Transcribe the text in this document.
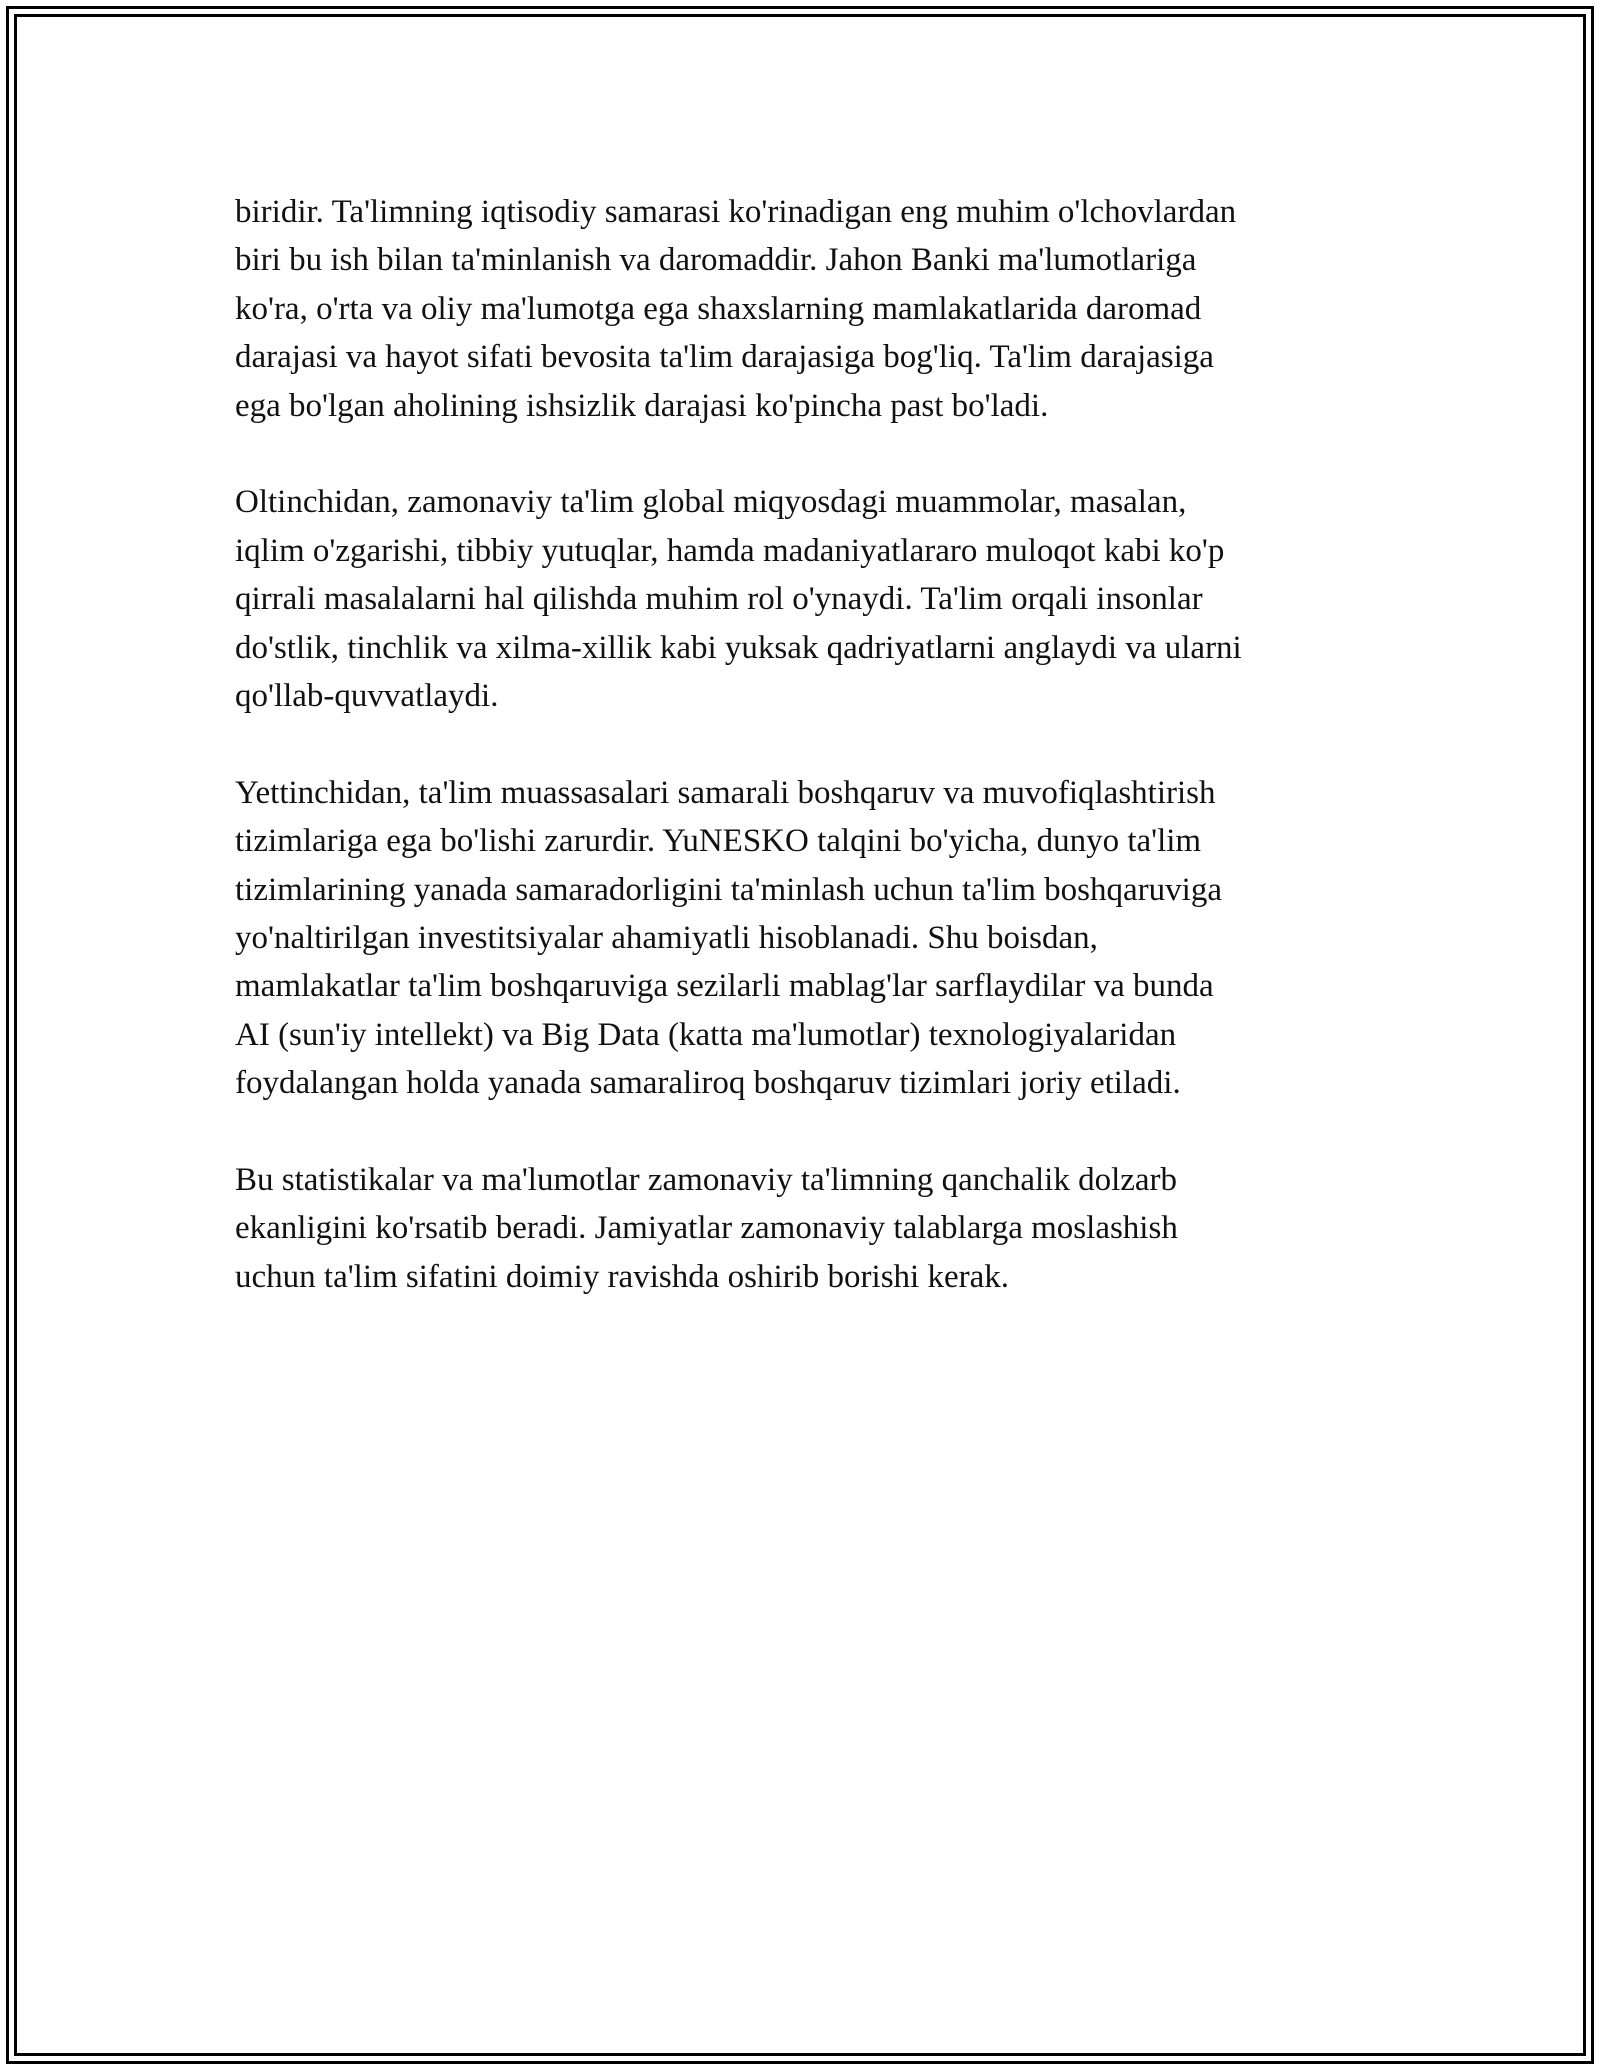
biridir. Ta'limning iqtisodiy samarasi ko'rinadigan eng muhim o'lchovlardan
biri bu ish bilan ta'minlanish va daromaddir. Jahon Banki ma'lumotlariga
ko'ra, o'rta va oliy ma'lumotga ega shaxslarning mamlakatlarida daromad
darajasi va hayot sifati bevosita ta'lim darajasiga bog'liq. Ta'lim darajasiga
ega bo'lgan aholining ishsizlik darajasi ko'pincha past bo'ladi.

Oltinchidan, zamonaviy ta'lim global miqyosdagi muammolar, masalan,
iqlim o'zgarishi, tibbiy yutuqlar, hamda madaniyatlararo muloqot kabi ko'p
qirrali masalalarni hal qilishda muhim rol o'ynaydi. Ta'lim orqali insonlar
do'stlik, tinchlik va xilma-xillik kabi yuksak qadriyatlarni anglaydi va ularni
qo'llab-quvvatlaydi.

Yettinchidan, ta'lim muassasalari samarali boshqaruv va muvofiqlashtirish
tizimlariga ega bo'lishi zarurdir. YuNESKO talqini bo'yicha, dunyo ta'lim
tizimlarining yanada samaradorligini ta'minlash uchun ta'lim boshqaruviga
yo'naltirilgan investitsiyalar ahamiyatli hisoblanadi. Shu boisdan,
mamlakatlar ta'lim boshqaruviga sezilarli mablag'lar sarflaydilar va bunda
AI (sun'iy intellekt) va Big Data (katta ma'lumotlar) texnologiyalaridan
foydalangan holda yanada samaraliroq boshqaruv tizimlari joriy etiladi.

Bu statistikalar va ma'lumotlar zamonaviy ta'limning qanchalik dolzarb
ekanligini ko'rsatib beradi. Jamiyatlar zamonaviy talablarga moslashish
uchun ta'lim sifatini doimiy ravishda oshirib borishi kerak.
